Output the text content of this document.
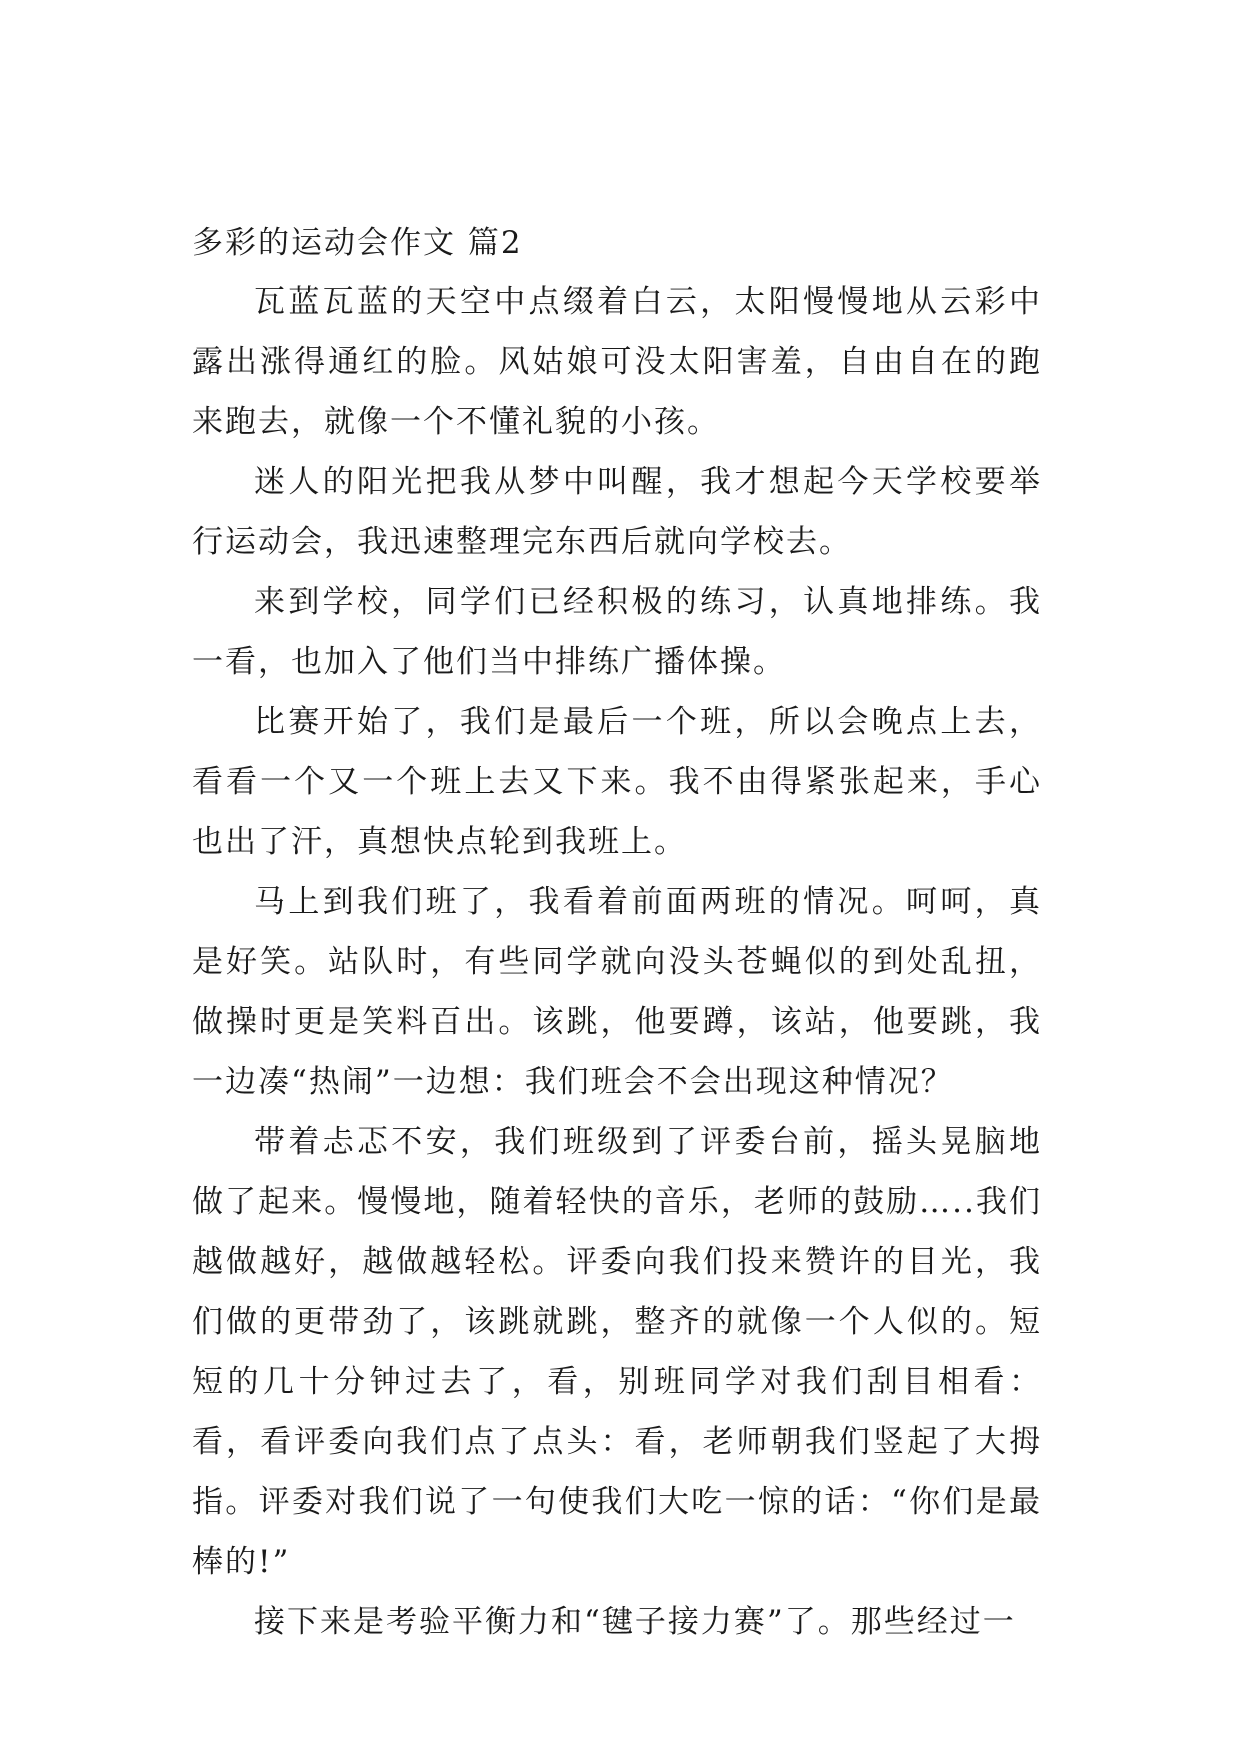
多彩的运动会作文 篇2

瓦蓝瓦蓝的天空中点缀着白云，太阳慢慢地从云彩中露出涨得通红的脸。风姑娘可没太阳害羞，自由自在的跑来跑去，就像一个不懂礼貌的小孩。

迷人的阳光把我从梦中叫醒，我才想起今天学校要举行运动会，我迅速整理完东西后就向学校去。

来到学校，同学们已经积极的练习，认真地排练。我一看，也加入了他们当中排练广播体操。

比赛开始了，我们是最后一个班，所以会晚点上去，看看一个又一个班上去又下来。我不由得紧张起来，手心也出了汗，真想快点轮到我班上。

马上到我们班了，我看着前面两班的情况。呵呵，真是好笑。站队时，有些同学就向没头苍蝇似的到处乱扭，做操时更是笑料百出。该跳，他要蹲，该站，他要跳，我一边凑“热闹”一边想：我们班会不会出现这种情况？

带着忐忑不安，我们班级到了评委台前，摇头晃脑地做了起来。慢慢地，随着轻快的音乐，老师的鼓励…..我们越做越好，越做越轻松。评委向我们投来赞许的目光，我们做的更带劲了，该跳就跳，整齐的就像一个人似的。短短的几十分钟过去了，看，别班同学对我们刮目相看：看，看评委向我们点了点头：看，老师朝我们竖起了大拇指。评委对我们说了一句使我们大吃一惊的话：“你们是最棒的!”

接下来是考验平衡力和“毽子接力赛”了。那些经过一
